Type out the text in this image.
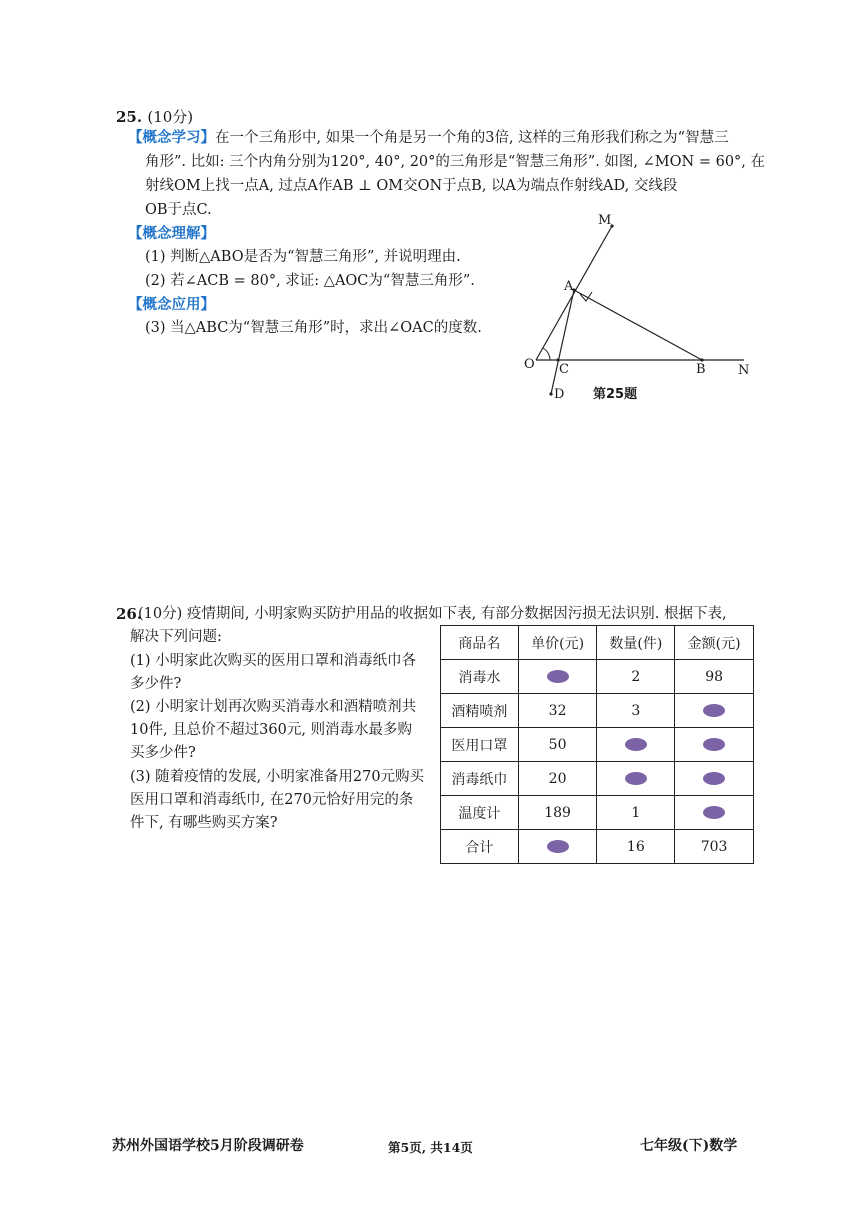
25. (10分)
【概念学习】在一个三角形中, 如果一个角是另一个角的3倍, 这样的三角形我们称之为“智慧三
角形”. 比如: 三个内角分别为120°, 40°, 20°的三角形是“智慧三角形”. 如图, ∠MON = 60°, 在
射线OM上找一点A, 过点A作AB ⊥ OM交ON于点B, 以A为端点作射线AD, 交线段
OB于点C.
【概念理解】
(1) 判断△ABO是否为“智慧三角形”, 并说明理由.
(2) 若∠ACB = 80°, 求证: △AOC为“智慧三角形”.
【概念应用】
(3) 当△ABC为“智慧三角形”时，求出∠OAC的度数.
M
A
O C	B N
D 第25题
26.
(10分) 疫情期间, 小明家购买防护用品的收据如下表, 有部分数据因污损无法识别. 根据下表,
解决下列问题:
(1) 小明家此次购买的医用口罩和消毒纸巾各
多少件?
(2) 小明家计划再次购买消毒水和酒精喷剂共
10件, 且总价不超过360元, 则消毒水最多购
买多少件?
(3) 随着疫情的发展, 小明家准备用270元购买
医用口罩和消毒纸巾, 在270元恰好用完的条
件下, 有哪些购买方案?
商品名	单价(元)	数量(件)	金额(元)
消毒水		2	98
酒精喷剂	32	3	
医用口罩	50		
消毒纸巾	20		
温度计	189	1	
合计		16	703
苏州外国语学校5月阶段调研卷	第5页, 共14页	七年级(下)数学
